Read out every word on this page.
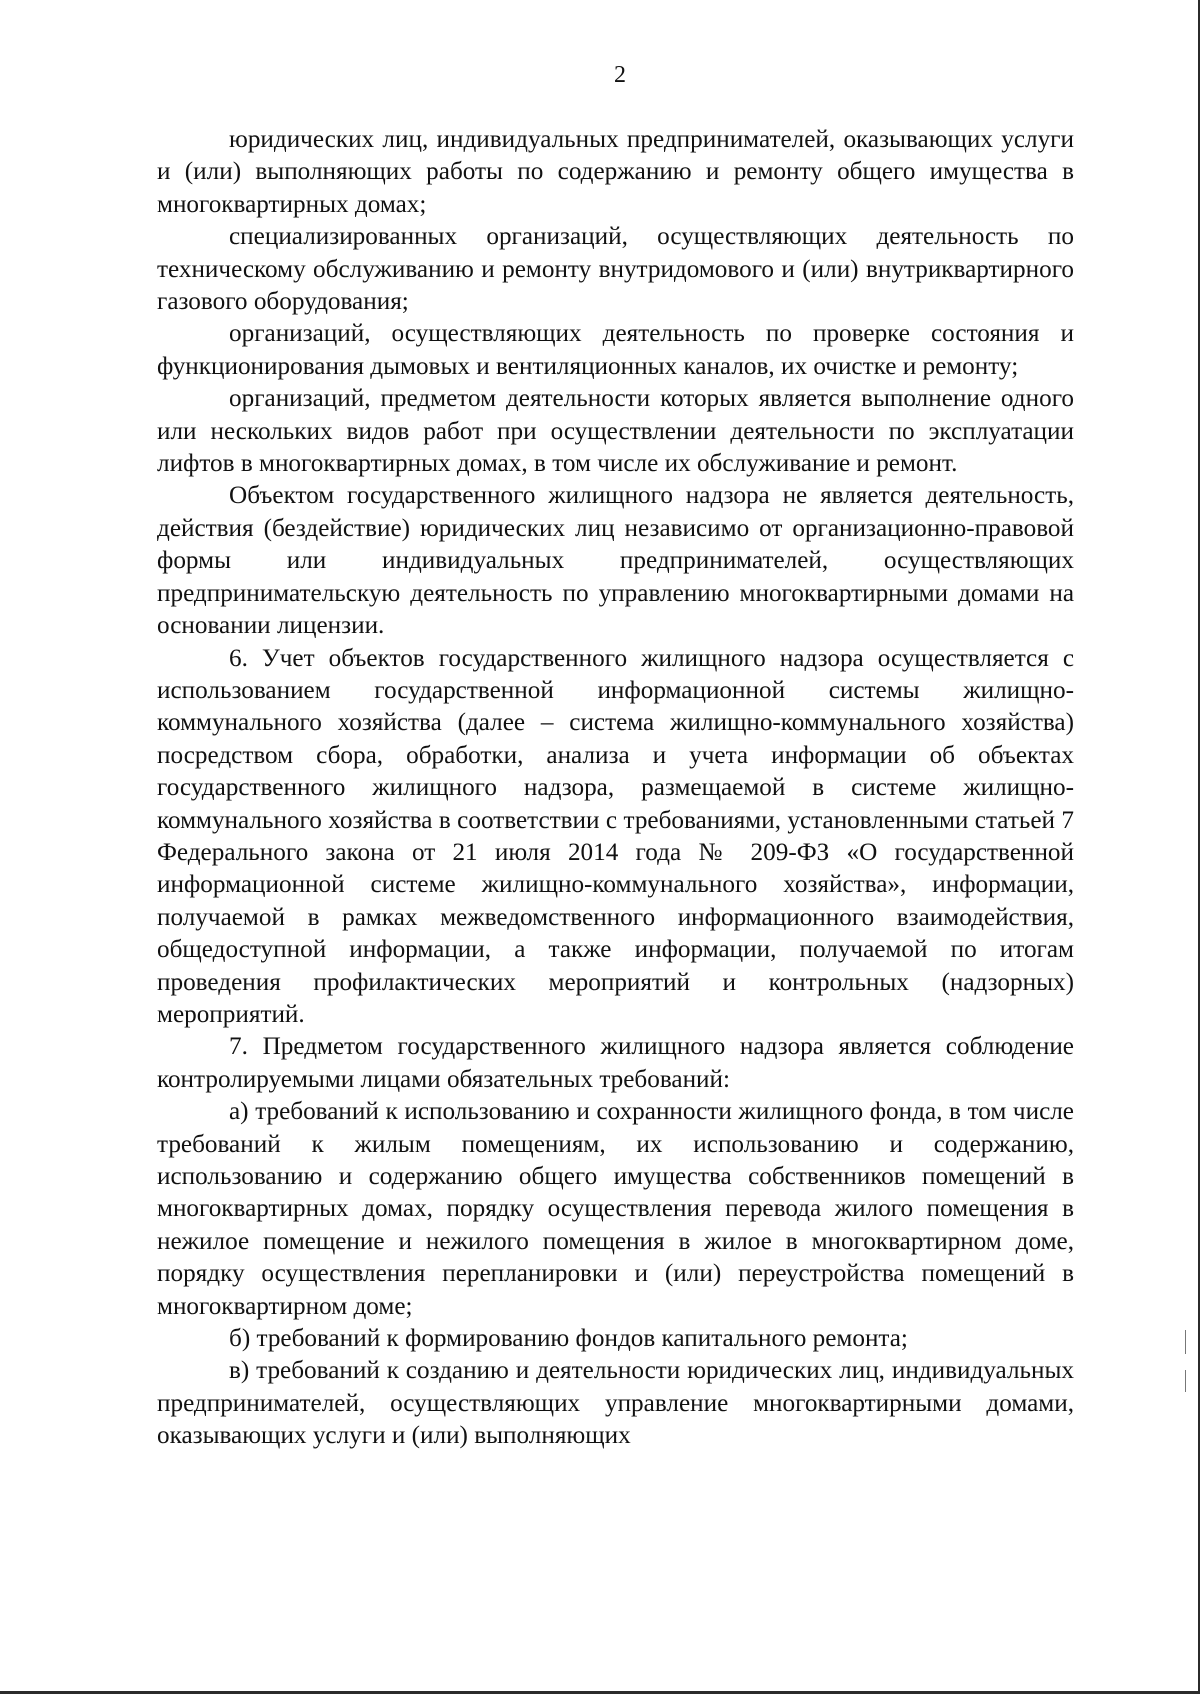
2

юридических лиц, индивидуальных предпринимателей, оказывающих услуги и (или) выполняющих работы по содержанию и ремонту общего имущества в многоквартирных домах;

специализированных организаций, осуществляющих деятельность по техническому обслуживанию и ремонту внутридомового и (или) внутриквартирного газового оборудования;

организаций, осуществляющих деятельность по проверке состояния и функционирования дымовых и вентиляционных каналов, их очистке и ремонту;

организаций, предметом деятельности которых является выполнение одного или нескольких видов работ при осуществлении деятельности по эксплуатации лифтов в многоквартирных домах, в том числе их обслуживание и ремонт.

Объектом государственного жилищного надзора не является деятельность, действия (бездействие) юридических лиц независимо от организационно-правовой формы или индивидуальных предпринимателей, осуществляющих предпринимательскую деятельность по управлению многоквартирными домами на основании лицензии.

6. Учет объектов государственного жилищного надзора осуществляется с использованием государственной информационной системы жилищно-коммунального хозяйства (далее – система жилищно-коммунального хозяйства) посредством сбора, обработки, анализа и учета информации об объектах государственного жилищного надзора, размещаемой в системе жилищно-коммунального хозяйства в соответствии с требованиями, установленными статьей 7 Федерального закона от 21 июля 2014 года № 209-ФЗ «О государственной информационной системе жилищно-коммунального хозяйства», информации, получаемой в рамках межведомственного информационного взаимодействия, общедоступной информации, а также информации, получаемой по итогам проведения профилактических мероприятий и контрольных (надзорных) мероприятий.

7. Предметом государственного жилищного надзора является соблюдение контролируемыми лицами обязательных требований:

а) требований к использованию и сохранности жилищного фонда, в том числе требований к жилым помещениям, их использованию и содержанию, использованию и содержанию общего имущества собственников помещений в многоквартирных домах, порядку осуществления перевода жилого помещения в нежилое помещение и нежилого помещения в жилое в многоквартирном доме, порядку осуществления перепланировки и (или) переустройства помещений в многоквартирном доме;

б) требований к формированию фондов капитального ремонта;

в) требований к созданию и деятельности юридических лиц, индивидуальных предпринимателей, осуществляющих управление многоквартирными домами, оказывающих услуги и (или) выполняющих
